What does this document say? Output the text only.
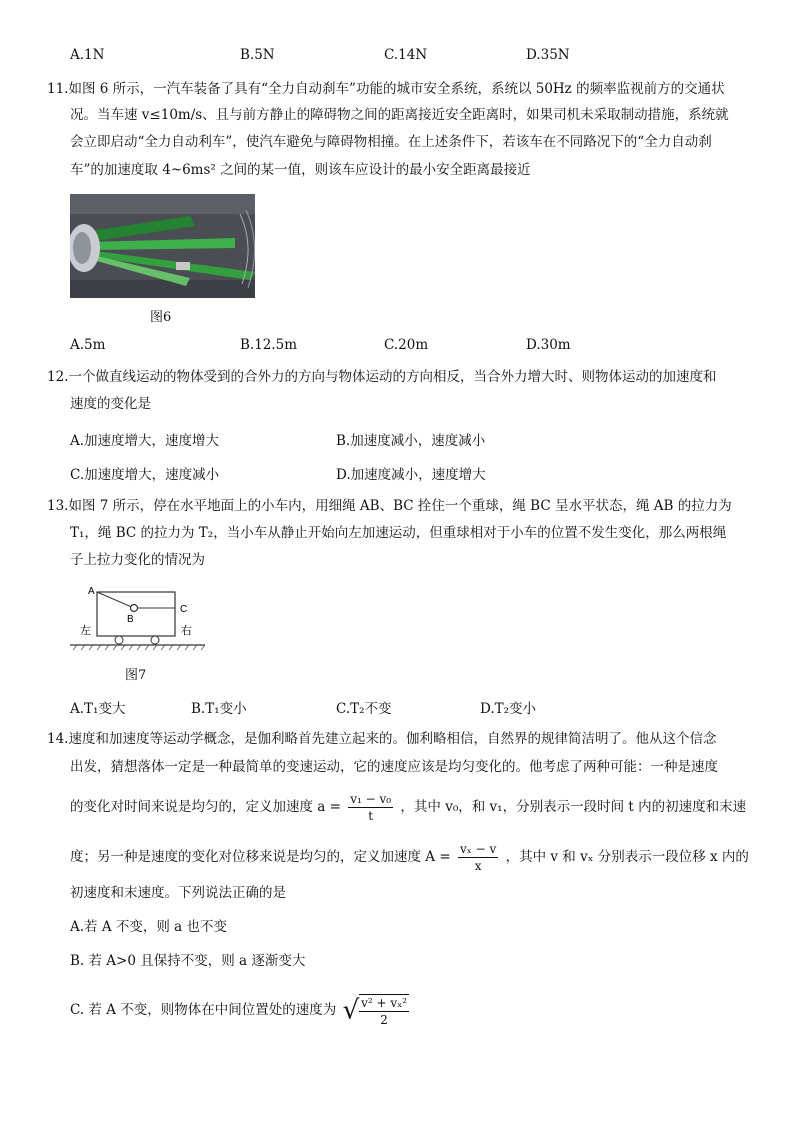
A.1N	B.5N	C.14N	D.35N
11.如图 6 所示，一汽车装备了具有“全力自动刹车”功能的城市安全系统，系统以 50Hz 的频率监视前方的交通状
况。当车速 v≤10m/s、且与前方静止的障碍物之间的距离接近安全距离时，如果司机未采取制动措施，系统就
会立即启动“全力自动利车”，使汽车避免与障碍物相撞。在上述条件下，若该车在不同路况下的“全力自动刹
车”的加速度取 4~6ms² 之间的某一值，则该车应设计的最小安全距离最接近
图6
A.5m	B.12.5m	C.20m	D.30m
12.一个做直线运动的物体受到的合外力的方向与物体运动的方向相反，当合外力增大时、则物体运动的加速度和
速度的变化是
A.加速度增大，速度增大	B.加速度减小，速度减小
C.加速度增大，速度减小	D.加速度减小，速度增大
13.如图 7 所示，停在水平地面上的小车内，用细绳 AB、BC 拴住一个重球，绳 BC 呈水平状态，绳 AB 的拉力为
T₁，绳 BC 的拉力为 T₂，当小车从静止开始向左加速运动，但重球相对于小车的位置不发生变化，那么两根绳
子上拉力变化的情况为
A
B
C
左	右
图7
A.T₁变大	B.T₁变小	C.T₂不变	D.T₂变小
14.速度和加速度等运动学概念，是伽利略首先建立起来的。伽利略相信，自然界的规律简洁明了。他从这个信念
出发，猜想落体一定是一种最简单的变速运动，它的速度应该是均匀变化的。他考虑了两种可能：一种是速度
的变化对时间来说是均匀的，定义加速度 $a = \frac{\text{v₁ − v₀}}{t}$ ，其中 v₀，和 v₁，分别表示一段时间 t 内的初速度和末速
度；另一种是速度的变化对位移来说是均匀的，定义加速度 $A = \frac{\text{vₓ − v}}{x}$ ，其中 v 和 vₓ 分别表示一段位移 x 内的
初速度和末速度。下列说法正确的是
A.若 A 不变，则 a 也不变
B. 若 A>0 且保持不变，则 a 逐渐变大
C. 若 A 不变，则物体在中间位置处的速度为 √ $\frac{\text{v² + vₓ²}}{2}$
